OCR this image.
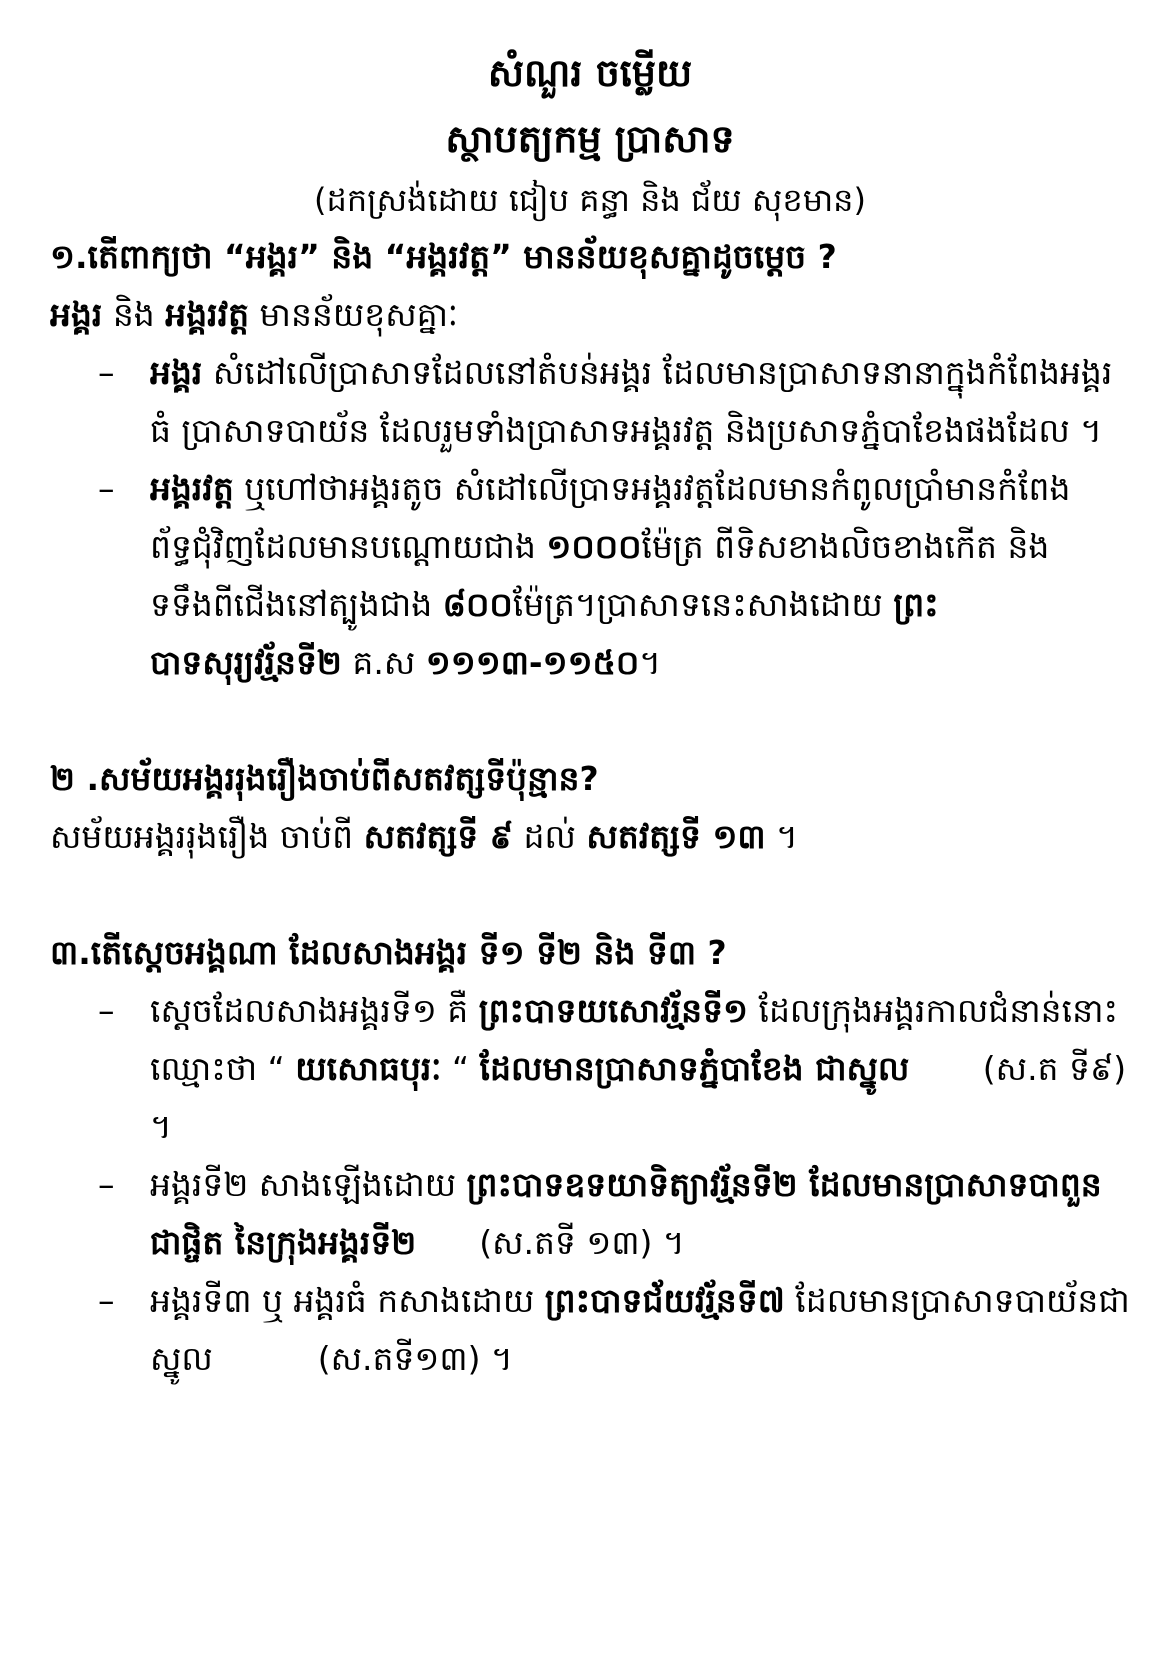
សំណួរ ចម្លើយ
ស្ថាបត្យកម្ម ប្រាសាទ

(ដកស្រង់ដោយ ជៀប គន្ធា និង ជ័យ សុខមាន)

១.តើពាក្យថា “អង្គរ” និង “អង្គរវត្ត” មានន័យខុសគ្នាដូចម្តេច ?

អង្គរ និង អង្គរវត្ត មានន័យខុសគ្នាៈ

– អង្គរ សំដៅលើប្រាសាទដែលនៅតំបន់អង្គរ ដែលមានប្រាសាទនានាក្នុងកំពែងអង្គរធំ ប្រាសាទបាយ័ន ដែលរួមទាំងប្រាសាទអង្គរវត្ត និងប្រសាទភ្នំបាខែងផងដែល ។
– អង្គរវត្ត ឬហៅថាអង្គរតូច សំដៅលើប្រាទអង្គរវត្តដែលមានកំពូលប្រាំមានកំពែងព័ទ្ធជុំវិញដែលមានបណ្តោយជាង ១០០០ម៉ែត្រ ពីទិសខាងលិចខាងកើត និងទទឹងពីជើងនៅត្បូងជាង ៨០០ម៉ែត្រ។ប្រាសាទនេះសាងដោយ ព្រះបាទសុរ្យវរ្ម័នទី២ គ.ស ១១១៣-១១៥០។

២ .សម័យអង្គររុងរឿងចាប់ពីសតវត្សទីប៉ុន្មាន?

សម័យអង្គររុងរឿង ចាប់ពី សតវត្សទី ៩ ដល់ សតវត្សទី ១៣ ។

៣.តើស្តេចអង្គណា ដែលសាងអង្គរ ទី១ ទី២ និង ទី៣ ?

– ស្តេចដែលសាងអង្គរទី១ គឺ ព្រះបាទយសោវរ្ម័នទី១ ដែលក្រុងអង្គរកាលជំនាន់នោះឈ្មោះថា “ យសោធបុរៈ “ ដែលមានប្រាសាទភ្នំបាខែង ជាស្នូល       (ស.ត ទី៩) ។
– អង្គរទី២ សាងឡើងដោយ ព្រះបាទឧទយាទិត្យាវរ្ម័នទី២ ដែលមានប្រាសាទបាពួន ជាផ្ចិត នៃក្រុងអង្គរទី២      (ស.តទី ១៣) ។
– អង្គរទី៣ ឬ អង្គរធំ កសាងដោយ ព្រះបាទជ័យវរ្ម័នទី៧ ដែលមានប្រាសាទបាយ័នជាស្នូល          (ស.តទី១៣) ។
